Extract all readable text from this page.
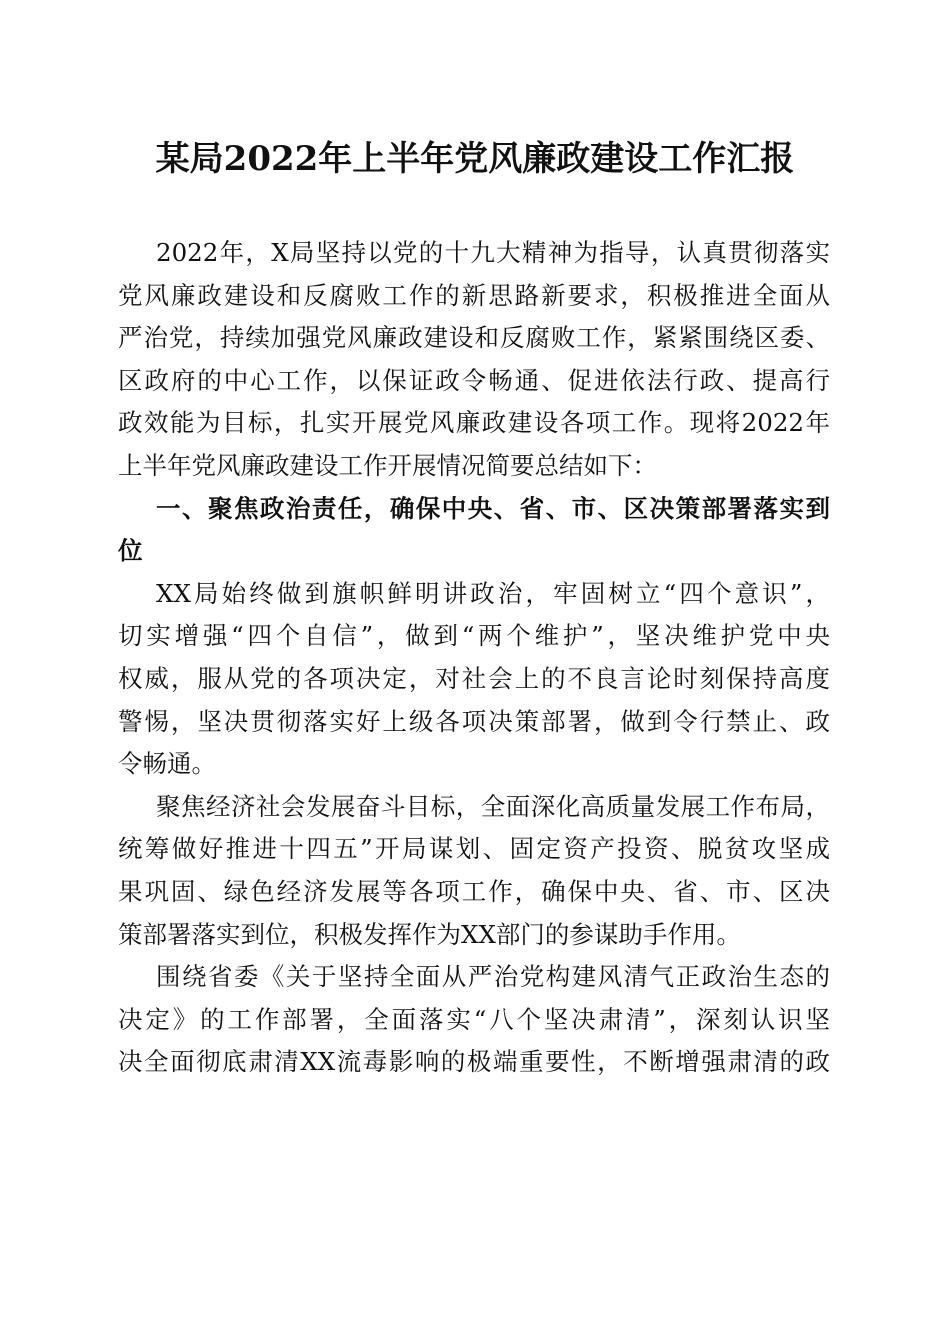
某局2022年上半年党风廉政建设工作汇报
2022年，X局坚持以党的十九大精神为指导，认真贯彻落实
党风廉政建设和反腐败工作的新思路新要求，积极推进全面从
严治党，持续加强党风廉政建设和反腐败工作，紧紧围绕区委、
区政府的中心工作，以保证政令畅通、促进依法行政、提高行
政效能为目标，扎实开展党风廉政建设各项工作。现将2022年
上半年党风廉政建设工作开展情况简要总结如下：
一、聚焦政治责任，确保中央、省、市、区决策部署落实到
位
XX局始终做到旗帜鲜明讲政治，牢固树立“四个意识”，
切实增强“四个自信”，做到“两个维护”，坚决维护党中央
权威，服从党的各项决定，对社会上的不良言论时刻保持高度
警惕，坚决贯彻落实好上级各项决策部署，做到令行禁止、政
令畅通。
聚焦经济社会发展奋斗目标，全面深化高质量发展工作布局，
统筹做好推进十四五”开局谋划、固定资产投资、脱贫攻坚成
果巩固、绿色经济发展等各项工作，确保中央、省、市、区决
策部署落实到位，积极发挥作为XX部门的参谋助手作用。
围绕省委《关于坚持全面从严治党构建风清气正政治生态的
决定》的工作部署，全面落实“八个坚决肃清”，深刻认识坚
决全面彻底肃清XX流毒影响的极端重要性，不断增强肃清的政
